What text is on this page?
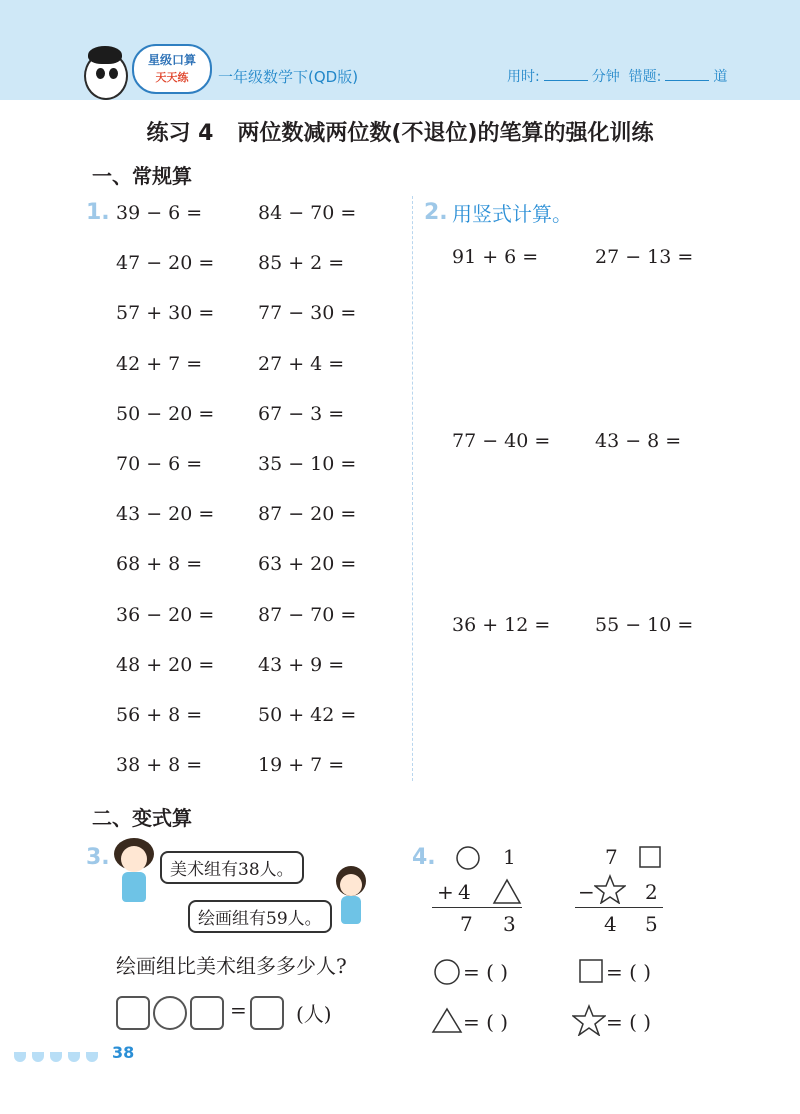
星级口算
天天练	一年级数学下(QD版)	用时:	分钟 错题:	道
练习 4 两位数减两位数(不退位)的笔算的强化训练
一、常规算
1. 39 − 6 =	84 − 70 =
47 − 20 = 85 + 2 =
57 + 30 = 77 − 30 =
42 + 7 =	27 + 4 =
50 − 20 = 67 − 3 =
70 − 6 =	35 − 10 =
43 − 20 = 87 − 20 =
68 + 8 =	63 + 20 =
36 − 20 = 87 − 70 =
48 + 20 = 43 + 9 =
56 + 8 =	50 + 42 =
38 + 8 =	19 + 7 =
2. 用竖式计算。
91 + 6 =	27 − 13 =
77 − 40 = 43 − 8 =
36 + 12 = 55 − 10 =
二、变式算
3.	美术组有38人。
绘画组有59人。
绘画组比美术组多多少人?
= (人)
4.	1
+ 4
7 3
7
−	2
4 5
= ( )	= ( )
= ( )	= ( )
38
